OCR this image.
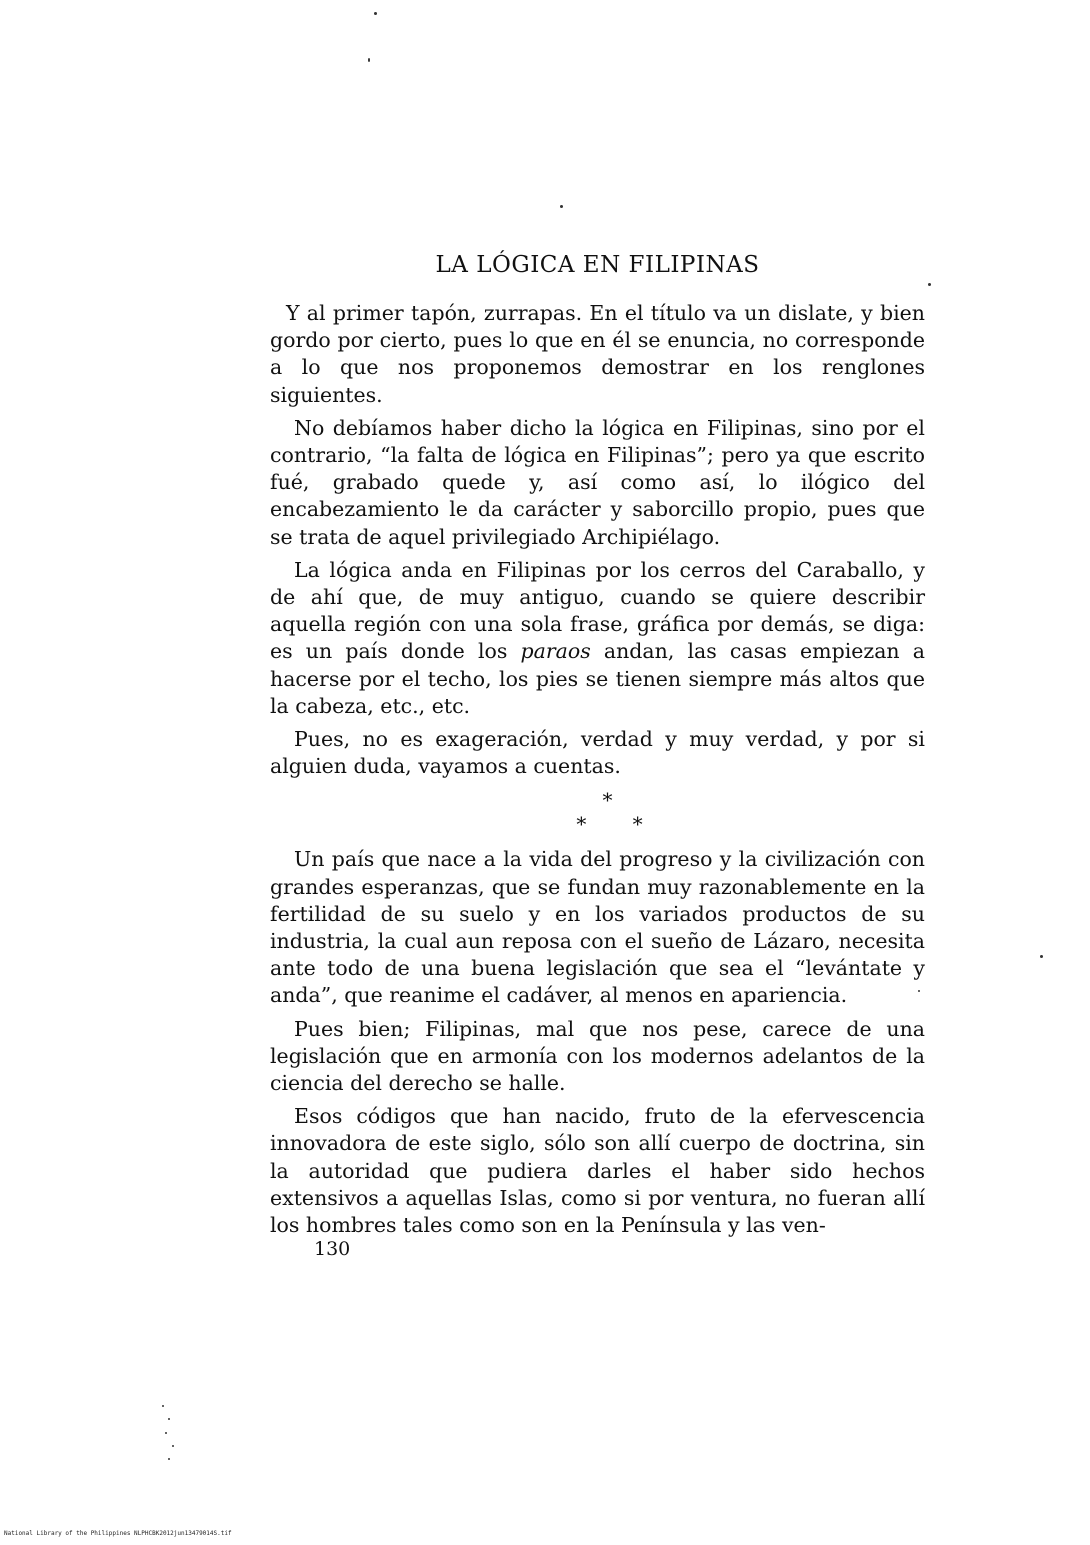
LA LÓGICA EN FILIPINAS

Y al primer tapón, zurrapas. En el título va un dislate, y bien gordo por cierto, pues lo que en él se enuncia, no corresponde a lo que nos proponemos demostrar en los renglones siguientes.

No debíamos haber dicho la lógica en Filipinas, sino por el contrario, “la falta de lógica en Filipinas”; pero ya que escrito fué, grabado quede y, así como así, lo ilógico del encabezamiento le da carácter y saborcillo propio, pues que se trata de aquel privilegiado Archipiélago.

La lógica anda en Filipinas por los cerros del Caraballo, y de ahí que, de muy antiguo, cuando se quiere describir aquella región con una sola frase, gráfica por demás, se diga: es un país donde los paraos andan, las casas empiezan a hacerse por el techo, los pies se tienen siempre más altos que la cabeza, etc., etc.

Pues, no es exageración, verdad y muy verdad, y por si alguien duda, vayamos a cuentas.

*
* *

Un país que nace a la vida del progreso y la civilización con grandes esperanzas, que se fundan muy razonablemente en la fertilidad de su suelo y en los variados productos de su industria, la cual aun reposa con el sueño de Lázaro, necesita ante todo de una buena legislación que sea el “levántate y anda”, que reanime el cadáver, al menos en apariencia.

Pues bien; Filipinas, mal que nos pese, carece de una legislación que en armonía con los modernos adelantos de la ciencia del derecho se halle.

Esos códigos que han nacido, fruto de la efervescencia innovadora de este siglo, sólo son allí cuerpo de doctrina, sin la autoridad que pudiera darles el haber sido hechos extensivos a aquellas Islas, como si por ventura, no fueran allí los hombres tales como son en la Península y las ven-

130

National Library of the Philippines NLPHCBK2012jun13479014S.tif
